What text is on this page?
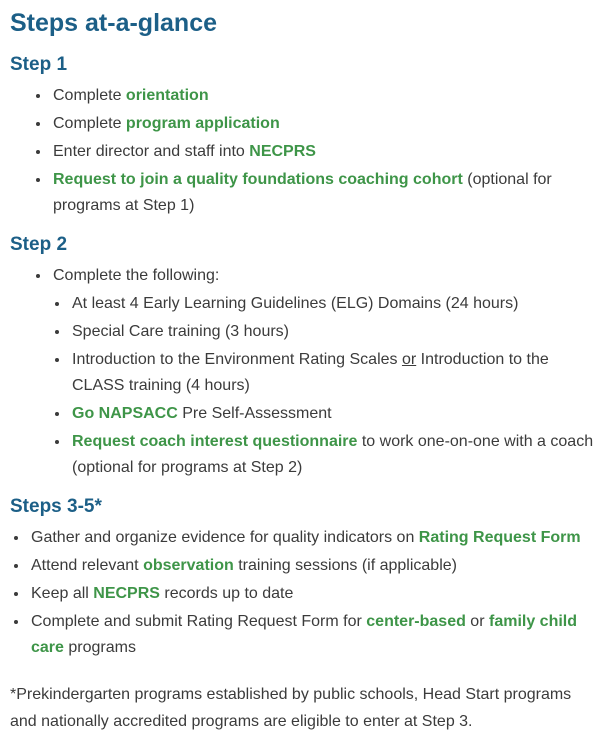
Steps at-a-glance
Step 1
• Complete orientation
• Complete program application
• Enter director and staff into NECPRS
• Request to join a quality foundations coaching cohort (optional for programs at Step 1)
Step 2
• Complete the following:
• At least 4 Early Learning Guidelines (ELG) Domains (24 hours)
• Special Care training (3 hours)
• Introduction to the Environment Rating Scales or Introduction to the CLASS training (4 hours)
• Go NAPSACC Pre Self-Assessment
• Request coach interest questionnaire to work one-on-one with a coach (optional for programs at Step 2)
Steps 3-5*
• Gather and organize evidence for quality indicators on Rating Request Form
• Attend relevant observation training sessions (if applicable)
• Keep all NECPRS records up to date
• Complete and submit Rating Request Form for center-based or family child care programs

*Prekindergarten programs established by public schools, Head Start programs and nationally accredited programs are eligible to enter at Step 3.
